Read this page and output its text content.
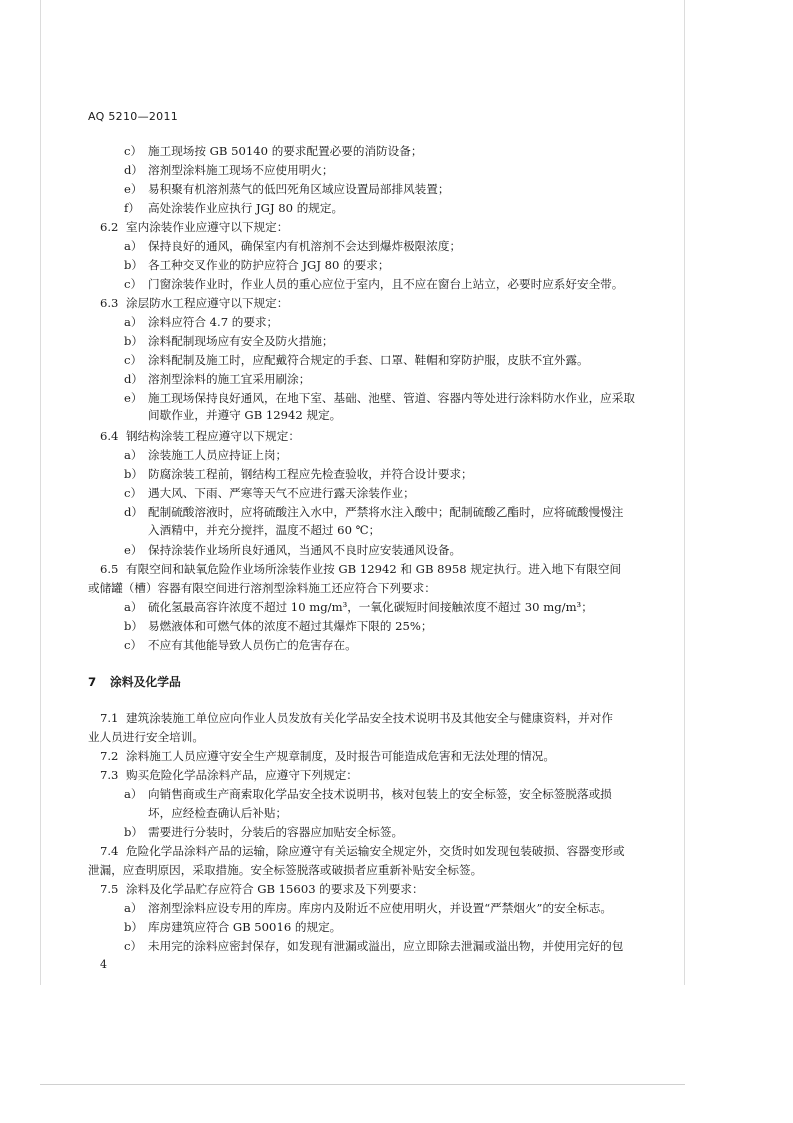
AQ 5210—2011
c） 施工现场按 GB 50140 的要求配置必要的消防设备；
d） 溶剂型涂料施工现场不应使用明火；
e） 易积聚有机溶剂蒸气的低凹死角区域应设置局部排风装置；
f） 高处涂装作业应执行 JGJ 80 的规定。
6.2 室内涂装作业应遵守以下规定：
a） 保持良好的通风，确保室内有机溶剂不会达到爆炸极限浓度；
b） 各工种交叉作业的防护应符合 JGJ 80 的要求；
c） 门窗涂装作业时，作业人员的重心应位于室内，且不应在窗台上站立，必要时应系好安全带。
6.3 涂层防水工程应遵守以下规定：
a） 涂料应符合 4.7 的要求；
b） 涂料配制现场应有安全及防火措施；
c） 涂料配制及施工时，应配戴符合规定的手套、口罩、鞋帽和穿防护服，皮肤不宜外露。
d） 溶剂型涂料的施工宜采用刷涂；
e） 施工现场保持良好通风，在地下室、基础、池壁、管道、容器内等处进行涂料防水作业，应采取
间歇作业，并遵守 GB 12942 规定。
6.4 钢结构涂装工程应遵守以下规定：
a） 涂装施工人员应持证上岗；
b） 防腐涂装工程前，钢结构工程应先检查验收，并符合设计要求；
c） 遇大风、下雨、严寒等天气不应进行露天涂装作业；
d） 配制硫酸溶液时，应将硫酸注入水中，严禁将水注入酸中；配制硫酸乙酯时，应将硫酸慢慢注
入酒精中，并充分搅拌，温度不超过 60 ℃；
e） 保持涂装作业场所良好通风，当通风不良时应安装通风设备。
6.5 有限空间和缺氧危险作业场所涂装作业按 GB 12942 和 GB 8958 规定执行。进入地下有限空间
或储罐（槽）容器有限空间进行溶剂型涂料施工还应符合下列要求：
a） 硫化氢最高容许浓度不超过 10 mg/m³，一氧化碳短时间接触浓度不超过 30 mg/m³；
b） 易燃液体和可燃气体的浓度不超过其爆炸下限的 25%；
c） 不应有其他能导致人员伤亡的危害存在。
7 涂料及化学品
7.1 建筑涂装施工单位应向作业人员发放有关化学品安全技术说明书及其他安全与健康资料，并对作
业人员进行安全培训。
7.2 涂料施工人员应遵守安全生产规章制度，及时报告可能造成危害和无法处理的情况。
7.3 购买危险化学品涂料产品，应遵守下列规定：
a） 向销售商或生产商索取化学品安全技术说明书，核对包装上的安全标签，安全标签脱落或损
坏，应经检查确认后补贴；
b） 需要进行分装时，分装后的容器应加贴安全标签。
7.4 危险化学品涂料产品的运输，除应遵守有关运输安全规定外，交货时如发现包装破损、容器变形或
泄漏，应查明原因，采取措施。安全标签脱落或破损者应重新补贴安全标签。
7.5 涂料及化学品贮存应符合 GB 15603 的要求及下列要求：
a） 溶剂型涂料应设专用的库房。库房内及附近不应使用明火，并设置“严禁烟火”的安全标志。
b） 库房建筑应符合 GB 50016 的规定。
c） 未用完的涂料应密封保存，如发现有泄漏或溢出，应立即除去泄漏或溢出物，并使用完好的包
4
